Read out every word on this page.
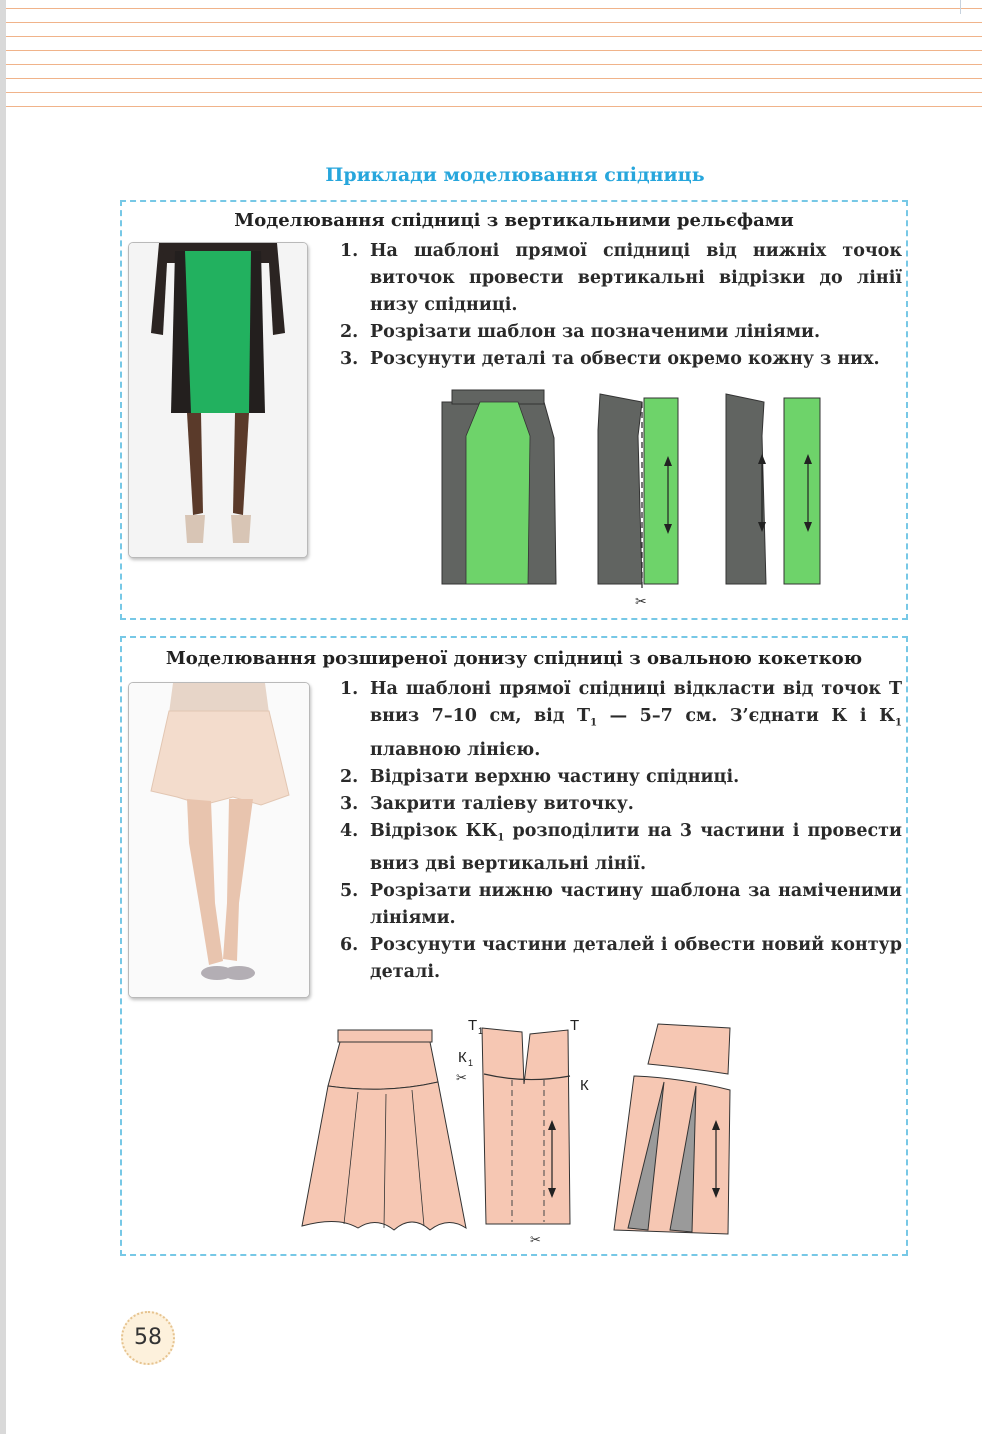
Приклади моделювання спідниць
Моделювання спідниці з вертикальними рельєфами
1. На шаблоні прямої спідниці від нижніх точок виточок провести вертикальні відрізки до лінії низу спідниці.
2. Розрізати шаблон за позначеними лініями.
3. Розсунути деталі та обвести окремо кожну з них.
✂
Моделювання розширеної донизу спідниці з овальною кокеткою
1. На шаблоні прямої спідниці відкласти від точок Т вниз 7–10 см, від $Т_1$ — 5–7 см. З’єднати К і $К_1$ плавною лінією.
2. Відрізати верхню частину спідниці.
3. Закрити таліеву виточку.
4. Відрізок $КК_1$ розподілити на 3 частини і провести вниз дві вертикальні лінії.
5. Розрізати нижню частину шаблона за наміченими лініями.
6. Розсунути частини деталей і обвести новий контур деталі.
Т 1	Т
К 1
К
✂
✂
58
